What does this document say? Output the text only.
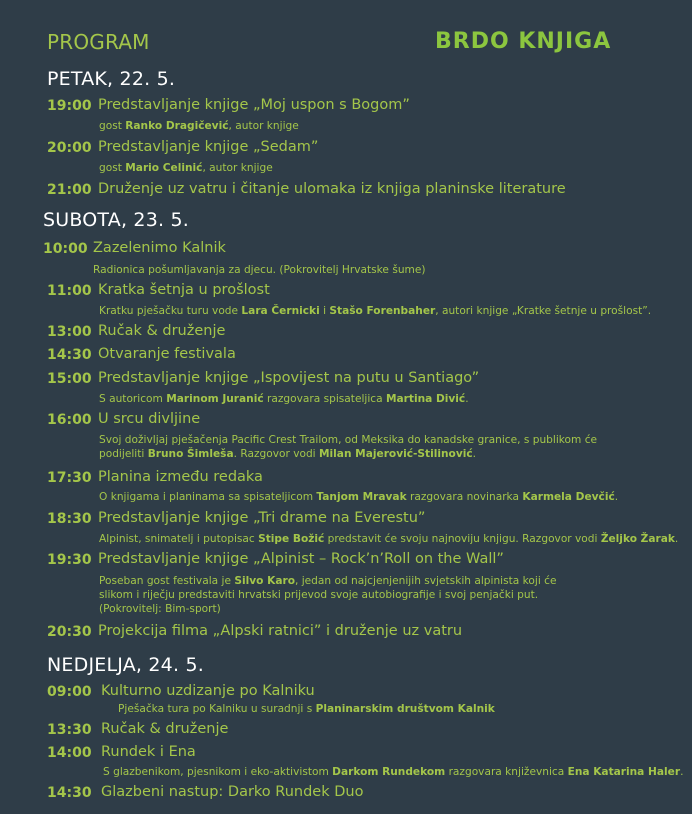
PROGRAM	BRDO KNJIGA
PETAK, 22. 5.
19:00 Predstavljanje knjige „Moj uspon s Bogom”
gost Ranko Dragičević, autor knjige
20:00 Predstavljanje knjige „Sedam”
gost Mario Celinić, autor knjige
21:00 Druženje uz vatru i čitanje ulomaka iz knjiga planinske literature
SUBOTA, 23. 5.
10:00 Zazelenimo Kalnik
Radionica pošumljavanja za djecu. (Pokrovitelj Hrvatske šume)
11:00 Kratka šetnja u prošlost
Kratku pješačku turu vode Lara Černicki i Stašo Forenbaher, autori knjige „Kratke šetnje u prošlost”.
13:00 Ručak & druženje
14:30 Otvaranje festivala
15:00 Predstavljanje knjige „Ispovijest na putu u Santiago”
S autoricom Marinom Juranić razgovara spisateljica Martina Divić.
16:00 U srcu divljine
Svoj doživljaj pješačenja Pacific Crest Trailom, od Meksika do kanadske granice, s publikom će
podijeliti Bruno Šimleša. Razgovor vodi Milan Majerović-Stilinović.
17:30 Planina između redaka
O knjigama i planinama sa spisateljicom Tanjom Mravak razgovara novinarka Karmela Devčić.
18:30 Predstavljanje knjige „Tri drame na Everestu”
Alpinist, snimatelj i putopisac Stipe Božić predstavit će svoju najnoviju knjigu. Razgovor vodi Željko Žarak.
19:30 Predstavljanje knjige „Alpinist – Rock’n’Roll on the Wall”
Poseban gost festivala je Silvo Karo, jedan od najcjenjenijih svjetskih alpinista koji će
slikom i riječju predstaviti hrvatski prijevod svoje autobiografije i svoj penjački put.
(Pokrovitelj: Bim-sport)
20:30 Projekcija filma „Alpski ratnici” i druženje uz vatru
NEDJELJA, 24. 5.
09:00 Kulturno uzdizanje po Kalniku
Pješačka tura po Kalniku u suradnji s Planinarskim društvom Kalnik
13:30 Ručak & druženje
14:00 Rundek i Ena
S glazbenikom, pjesnikom i eko-aktivistom Darkom Rundekom razgovara književnica Ena Katarina Haler.
14:30 Glazbeni nastup: Darko Rundek Duo
